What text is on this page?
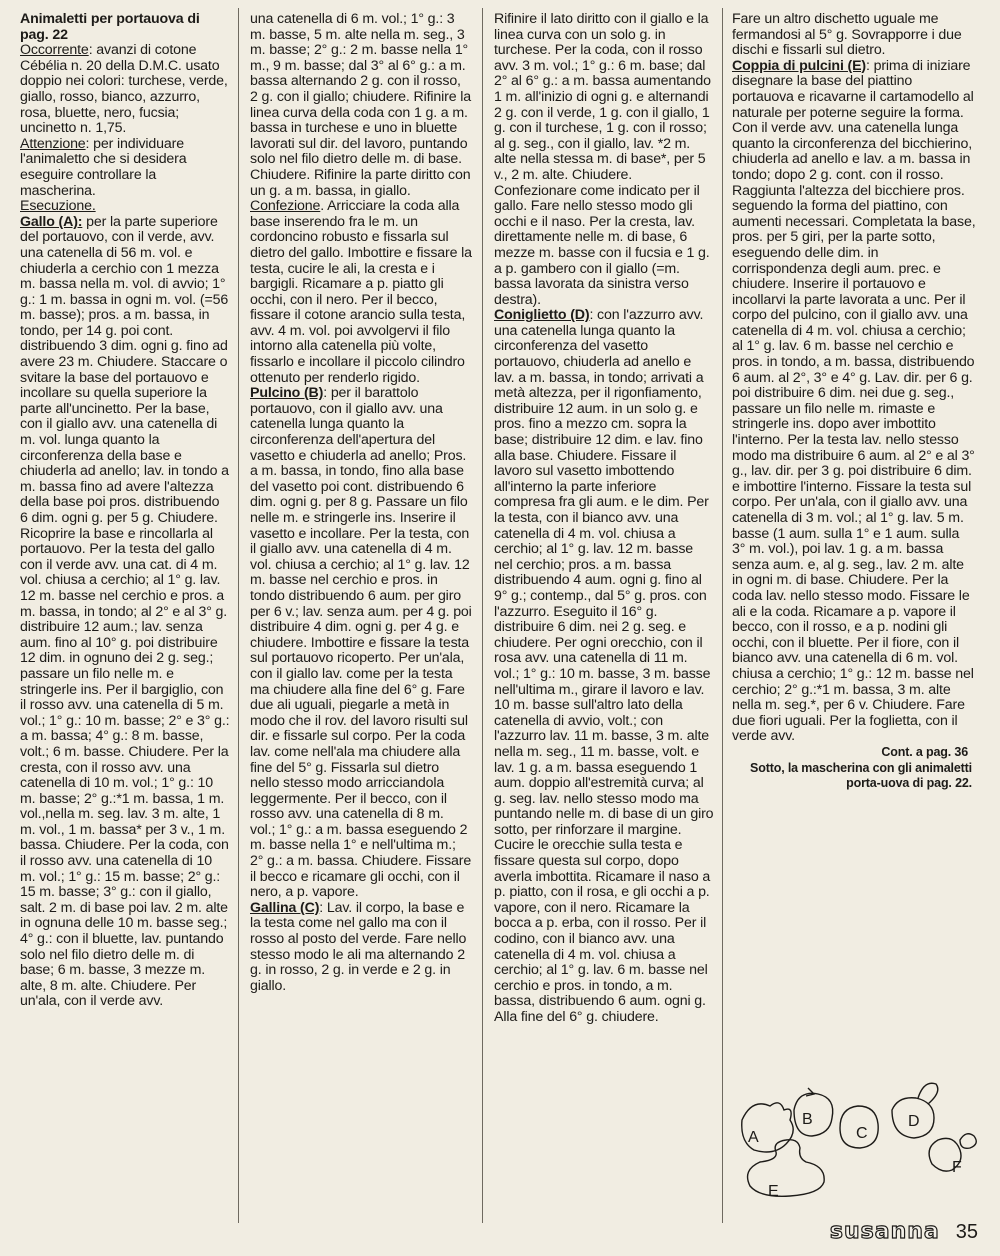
Animaletti per portauova di pag. 22

Occorrente: avanzi di cotone Cébélia n. 20 della D.M.C. usato doppio nei colori: turchese, verde, giallo, rosso, bianco, azzurro, rosa, bluette, nero, fucsia; uncinetto n. 1,75.

Attenzione: per individuare l'animaletto che si desidera eseguire controllare la mascherina.

Esecuzione.

Gallo (A): per la parte superiore del portauovo, con il verde, avv. una catenella di 56 m. vol. e chiuderla a cerchio con 1 mezza m. bassa nella m. vol. di avvio; 1° g.: 1 m. bassa in ogni m. vol. (=56 m. basse); pros. a m. bassa, in tondo, per 14 g. poi cont. distribuendo 3 dim. ogni g. fino ad avere 23 m. Chiudere. Staccare o svitare la base del portauovo e incollare su quella superiore la parte all'uncinetto. Per la base, con il giallo avv. una catenella di m. vol. lunga quanto la circonferenza della base e chiuderla ad anello; lav. in tondo a m. bassa fino ad avere l'altezza della base poi pros. distribuendo 6 dim. ogni g. per 5 g. Chiudere. Ricoprire la base e rincollarla al portauovo. Per la testa del gallo con il verde avv. una cat. di 4 m. vol. chiusa a cerchio; al 1° g. lav. 12 m. basse nel cerchio e pros. a m. bassa, in tondo; al 2° e al 3° g. distribuire 12 aum.; lav. senza aum. fino al 10° g. poi distribuire 12 dim. in ognuno dei 2 g. seg.; passare un filo nelle m. e stringerle ins. Per il bargiglio, con il rosso avv. una catenella di 5 m. vol.; 1° g.: 10 m. basse; 2° e 3° g.: a m. bassa; 4° g.: 8 m. basse, volt.; 6 m. basse. Chiudere. Per la cresta, con il rosso avv. una catenella di 10 m. vol.; 1° g.: 10 m. basse; 2° g.:*1 m. bassa, 1 m. vol.,nella m. seg. lav. 3 m. alte, 1 m. vol., 1 m. bassa* per 3 v., 1 m. bassa. Chiudere. Per la coda, con il rosso avv. una catenella di 10 m. vol.; 1° g.: 15 m. basse; 2° g.: 15 m. basse; 3° g.: con il giallo, salt. 2 m. di base poi lav. 2 m. alte in ognuna delle 10 m. basse seg.; 4° g.: con il bluette, lav. puntando solo nel filo dietro delle m. di base; 6 m. basse, 3 mezze m. alte, 8 m. alte. Chiudere. Per un'ala, con il verde avv.

una catenella di 6 m. vol.; 1° g.: 3 m. basse, 5 m. alte nella m. seg., 3 m. basse; 2° g.: 2 m. basse nella 1° m., 9 m. basse; dal 3° al 6° g.: a m. bassa alternando 2 g. con il rosso, 2 g. con il giallo; chiudere. Rifinire la linea curva della coda con 1 g. a m. bassa in turchese e uno in bluette lavorati sul dir. del lavoro, puntando solo nel filo dietro delle m. di base. Chiudere. Rifinire la parte diritto con un g. a m. bassa, in giallo.

Confezione. Arricciare la coda alla base inserendo fra le m. un cordoncino robusto e fissarla sul dietro del gallo. Imbottire e fissare la testa, cucire le ali, la cresta e i bargigli. Ricamare a p. piatto gli occhi, con il nero. Per il becco, fissare il cotone arancio sulla testa, avv. 4 m. vol. poi avvolgervi il filo intorno alla catenella più volte, fissarlo e incollare il piccolo cilindro ottenuto per renderlo rigido.

Pulcino (B): per il barattolo portauovo, con il giallo avv. una catenella lunga quanto la circonferenza dell'apertura del vasetto e chiuderla ad anello; Pros. a m. bassa, in tondo, fino alla base del vasetto poi cont. distribuendo 6 dim. ogni g. per 8 g. Passare un filo nelle m. e stringerle ins. Inserire il vasetto e incollare. Per la testa, con il giallo avv. una catenella di 4 m. vol. chiusa a cerchio; al 1° g. lav. 12 m. basse nel cerchio e pros. in tondo distribuendo 6 aum. per giro per 6 v.; lav. senza aum. per 4 g. poi distribuire 4 dim. ogni g. per 4 g. e chiudere. Imbottire e fissare la testa sul portauovo ricoperto. Per un'ala, con il giallo lav. come per la testa ma chiudere alla fine del 6° g. Fare due ali uguali, piegarle a metà in modo che il rov. del lavoro risulti sul dir. e fissarle sul corpo. Per la coda lav. come nell'ala ma chiudere alla fine del 5° g. Fissarla sul dietro nello stesso modo arricciandola leggermente. Per il becco, con il rosso avv. una catenella di 8 m. vol.; 1° g.: a m. bassa eseguendo 2 m. basse nella 1° e nell'ultima m.; 2° g.: a m. bassa. Chiudere. Fissare il becco e ricamare gli occhi, con il nero, a p. vapore.

Gallina (C): Lav. il corpo, la base e la testa come nel gallo ma con il rosso al posto del verde. Fare nello stesso modo le ali ma alternando 2 g. in rosso, 2 g. in verde e 2 g. in giallo.

Rifinire il lato diritto con il giallo e la linea curva con un solo g. in turchese. Per la coda, con il rosso avv. 3 m. vol.; 1° g.: 6 m. base; dal 2° al 6° g.: a m. bassa aumentando 1 m. all'inizio di ogni g. e alternandi 2 g. con il verde, 1 g. con il giallo, 1 g. con il turchese, 1 g. con il rosso; al g. seg., con il giallo, lav. *2 m. alte nella stessa m. di base*, per 5 v., 2 m. alte. Chiudere. Confezionare come indicato per il gallo. Fare nello stesso modo gli occhi e il naso. Per la cresta, lav. direttamente nelle m. di base, 6 mezze m. basse con il fucsia e 1 g. a p. gambero con il giallo (=m. bassa lavorata da sinistra verso destra).

Coniglietto (D): con l'azzurro avv. una catenella lunga quanto la circonferenza del vasetto portauovo, chiuderla ad anello e lav. a m. bassa, in tondo; arrivati a metà altezza, per il rigonfiamento, distribuire 12 aum. in un solo g. e pros. fino a mezzo cm. sopra la base; distribuire 12 dim. e lav. fino alla base. Chiudere. Fissare il lavoro sul vasetto imbottendo all'interno la parte inferiore compresa fra gli aum. e le dim. Per la testa, con il bianco avv. una catenella di 4 m. vol. chiusa a cerchio; al 1° g. lav. 12 m. basse nel cerchio; pros. a m. bassa distribuendo 4 aum. ogni g. fino al 9° g.; contemp., dal 5° g. pros. con l'azzurro. Eseguito il 16° g. distribuire 6 dim. nei 2 g. seg. e chiudere. Per ogni orecchio, con il rosa avv. una catenella di 11 m. vol.; 1° g.: 10 m. basse, 3 m. basse nell'ultima m., girare il lavoro e lav. 10 m. basse sull'altro lato della catenella di avvio, volt.; con l'azzurro lav. 11 m. basse, 3 m. alte nella m. seg., 11 m. basse, volt. e lav. 1 g. a m. bassa eseguendo 1 aum. doppio all'estremità curva; al g. seg. lav. nello stesso modo ma puntando nelle m. di base di un giro sotto, per rinforzare il margine. Cucire le orecchie sulla testa e fissare questa sul corpo, dopo averla imbottita. Ricamare il naso a p. piatto, con il rosa, e gli occhi a p. vapore, con il nero. Ricamare la bocca a p. erba, con il rosso. Per il codino, con il bianco avv. una catenella di 4 m. vol. chiusa a cerchio; al 1° g. lav. 6 m. basse nel cerchio e pros. in tondo, a m. bassa, distribuendo 6 aum. ogni g. Alla fine del 6° g. chiudere.

Fare un altro dischetto uguale me fermandosi al 5° g. Sovrapporre i due dischi e fissarli sul dietro.

Coppia di pulcini (E): prima di iniziare disegnare la base del piattino portauova e ricavarne il cartamodello al naturale per poterne seguire la forma. Con il verde avv. una catenella lunga quanto la circonferenza del bicchierino, chiuderla ad anello e lav. a m. bassa in tondo; dopo 2 g. cont. con il rosso. Raggiunta l'altezza del bicchiere pros. seguendo la forma del piattino, con aumenti necessari. Completata la base, pros. per 5 giri, per la parte sotto, eseguendo delle dim. in corrispondenza degli aum. prec. e chiudere. Inserire il portauovo e incollarvi la parte lavorata a unc. Per il corpo del pulcino, con il giallo avv. una catenella di 4 m. vol. chiusa a cerchio; al 1° g. lav. 6 m. basse nel cerchio e pros. in tondo, a m. bassa, distribuendo 6 aum. al 2°, 3° e 4° g. Lav. dir. per 6 g. poi distribuire 6 dim. nei due g. seg., passare un filo nelle m. rimaste e stringerle ins. dopo aver imbottito l'interno. Per la testa lav. nello stesso modo ma distribuire 6 aum. al 2° e al 3° g., lav. dir. per 3 g. poi distribuire 6 dim. e imbottire l'interno. Fissare la testa sul corpo. Per un'ala, con il giallo avv. una catenella di 3 m. vol.; al 1° g. lav. 5 m. basse (1 aum. sulla 1° e 1 aum. sulla 3° m. vol.), poi lav. 1 g. a m. bassa senza aum. e, al g. seg., lav. 2 m. alte in ogni m. di base. Chiudere. Per la coda lav. nello stesso modo. Fissare le ali e la coda. Ricamare a p. vapore il becco, con il rosso, e a p. nodini gli occhi, con il bluette. Per il fiore, con il bianco avv. una catenella di 6 m. vol. chiusa a cerchio; 1° g.: 12 m. basse nel cerchio; 2° g.:*1 m. bassa, 3 m. alte nella m. seg.*, per 6 v. Chiudere. Fare due fiori uguali. Per la foglietta, con il verde avv.

Cont. a pag. 36

Sotto, la mascherina con gli animaletti porta-uova di pag. 22.

A
B
C
D
E
F
susanna 35
